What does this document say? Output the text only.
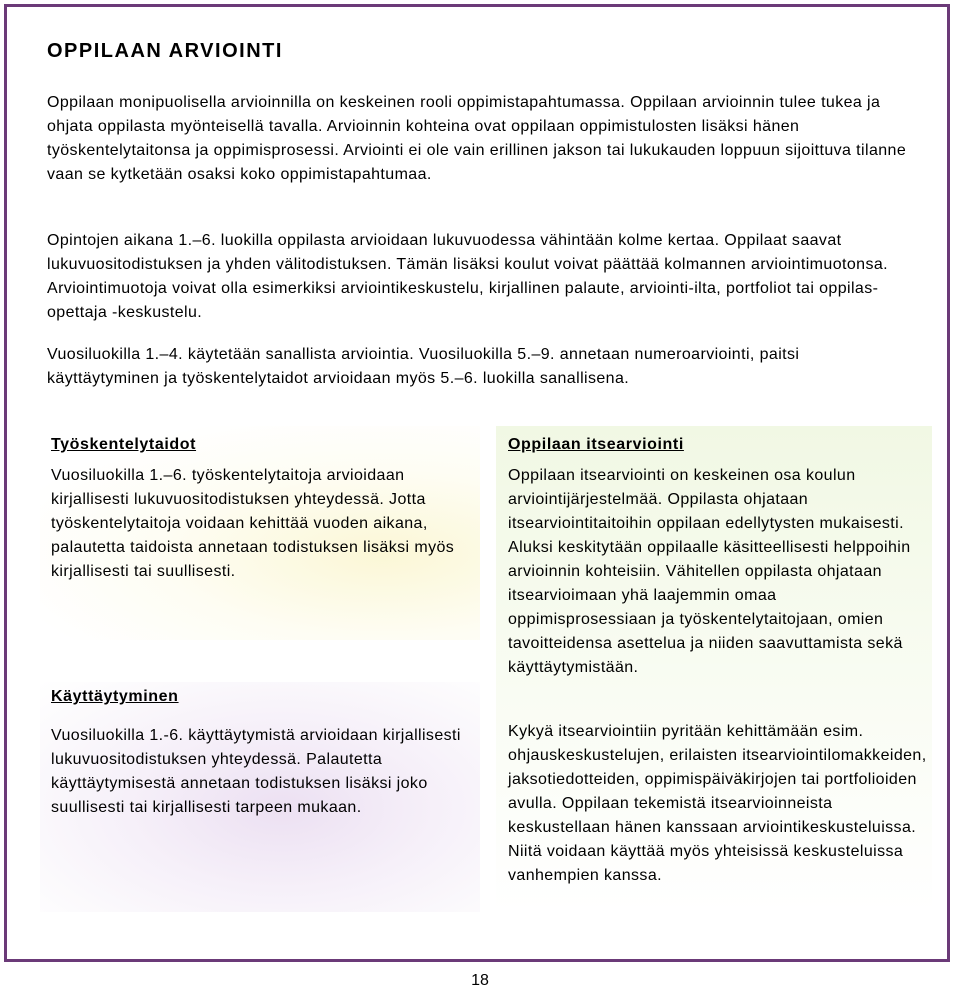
OPPILAAN ARVIOINTI

Oppilaan monipuolisella arvioinnilla on keskeinen rooli oppimistapahtumassa. Oppilaan arvioinnin tulee tukea ja ohjata oppilasta myönteisellä tavalla. Arvioinnin kohteina ovat oppilaan oppimistulosten lisäksi hänen työskentelytaitonsa ja oppimisprosessi. Arviointi ei ole vain erillinen jakson tai lukukauden loppuun sijoittuva tilanne vaan se kytketään osaksi koko oppimistapahtumaa.

Opintojen aikana 1.–6. luokilla oppilasta arvioidaan lukuvuodessa vähintään kolme kertaa. Oppilaat saavat lukuvuositodistuksen ja yhden välitodistuksen. Tämän lisäksi koulut voivat päättää kolmannen arviointimuotonsa. Arviointimuotoja voivat olla esimerkiksi arviointikeskustelu, kirjallinen palaute, arviointi-ilta, portfoliot tai oppilas-opettaja -keskustelu.

Vuosiluokilla 1.–4. käytetään sanallista arviointia. Vuosiluokilla 5.–9. annetaan numeroarviointi, paitsi käyttäytyminen ja työskentelytaidot arvioidaan myös 5.–6. luokilla sanallisena.

Työskentelytaidot

Vuosiluokilla 1.–6. työskentelytaitoja arvioidaan kirjallisesti lukuvuositodistuksen yhteydessä. Jotta työskentelytaitoja voidaan kehittää vuoden aikana, palautetta taidoista annetaan todistuksen lisäksi myös kirjallisesti tai suullisesti.

Käyttäytyminen

Vuosiluokilla 1.-6. käyttäytymistä arvioidaan kirjallisesti lukuvuositodistuksen yhteydessä. Palautetta käyttäytymisestä annetaan todistuksen lisäksi joko suullisesti tai kirjallisesti tarpeen mukaan.

Oppilaan itsearviointi

Oppilaan itsearviointi on keskeinen osa koulun arviointijärjestelmää. Oppilasta ohjataan itsearviointitaitoihin oppilaan edellytysten mukaisesti. Aluksi keskitytään oppilaalle käsitteellisesti helppoihin arvioinnin kohteisiin. Vähitellen oppilasta ohjataan itsearvioimaan yhä laajemmin omaa oppimisprosessiaan ja työskentelytaitojaan, omien tavoitteidensa asettelua ja niiden saavuttamista sekä käyttäytymistään.

Kykyä itsearviointiin pyritään kehittämään esim. ohjauskeskustelujen, erilaisten itsearviointilomakkeiden, jaksotiedotteiden, oppimispäiväkirjojen tai portfolioiden avulla. Oppilaan tekemistä itsearvioinneista keskustellaan hänen kanssaan arviointikeskusteluissa. Niitä voidaan käyttää myös yhteisissä keskusteluissa vanhempien kanssa.

18
